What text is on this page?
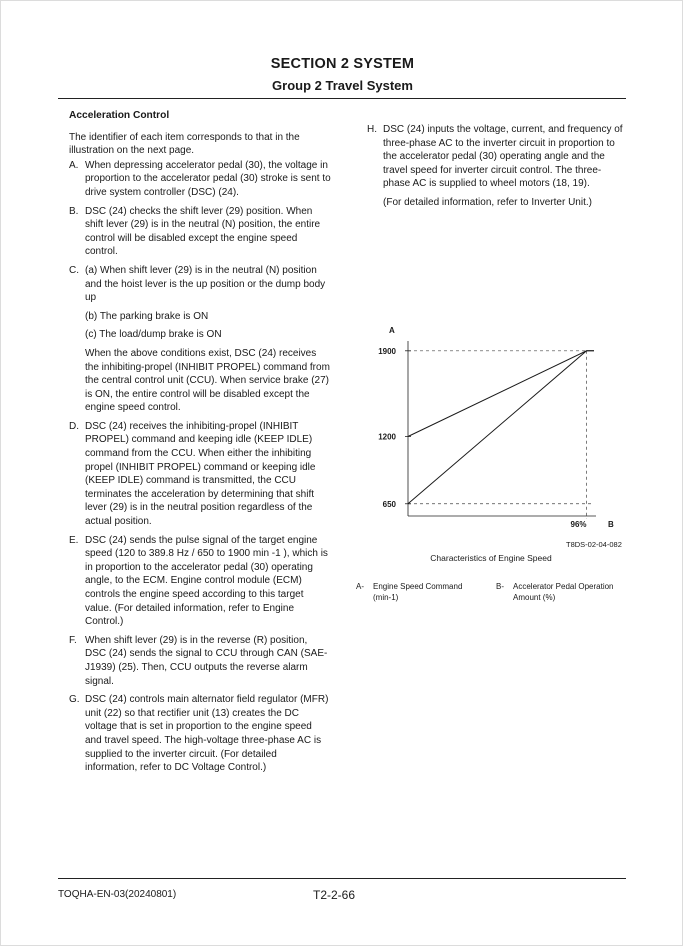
SECTION 2 SYSTEM
Group 2 Travel System

Acceleration Control

The identifier of each item corresponds to that in the illustration on the next page.

A. When depressing accelerator pedal (30), the voltage in proportion to the accelerator pedal (30) stroke is sent to drive system controller (DSC) (24).
B. DSC (24) checks the shift lever (29) position. When shift lever (29) is in the neutral (N) position, the entire control will be disabled except the engine speed control.
C. (a) When shift lever (29) is in the neutral (N) position and the hoist lever is the up position or the dump body up

(b) The parking brake is ON

(c) The load/dump brake is ON

When the above conditions exist, DSC (24) receives the inhibiting-propel (INHIBIT PROPEL) command from the central control unit (CCU). When service brake (27) is ON, the entire control will be disabled except the engine speed control.

D. DSC (24) receives the inhibiting-propel (INHIBIT PROPEL) command and keeping idle (KEEP IDLE) command from the CCU. When either the inhibiting propel (INHIBIT PROPEL) command or keeping idle (KEEP IDLE) command is transmitted, the CCU terminates the acceleration by determining that shift lever (29) is in the neutral position regardless of the actual position.
E. DSC (24) sends the pulse signal of the target engine speed (120 to 389.8 Hz / 650 to 1900 min -1 ), which is in proportion to the accelerator pedal (30) operating angle, to the ECM. Engine control module (ECM) controls the engine speed according to this target value. (For detailed information, refer to Engine Control.)
F. When shift lever (29) is in the reverse (R) position, DSC (24) sends the signal to CCU through CAN (SAE-J1939) (25). Then, CCU outputs the reverse alarm signal.
G. DSC (24) controls main alternator field regulator (MFR) unit (22) so that rectifier unit (13) creates the DC voltage that is set in proportion to the engine speed and travel speed. The high-voltage three-phase AC is supplied to the inverter circuit. (For detailed information, refer to DC Voltage Control.)
H. DSC (24) inputs the voltage, current, and frequency of three-phase AC to the inverter circuit in proportion to the accelerator pedal (30) operating angle and the travel speed for inverter circuit control. The three-phase AC is supplied to wheel motors (18, 19).

(For detailed information, refer to Inverter Unit.)

A
B
1900
1200
650
96%
T8DS-02-04-082
Characteristics of Engine Speed
A-	Engine Speed Command
(min-1)
B-	Accelerator Pedal Operation
Amount (%)
TOQHA-EN-03(20240801)	T2-2-66
